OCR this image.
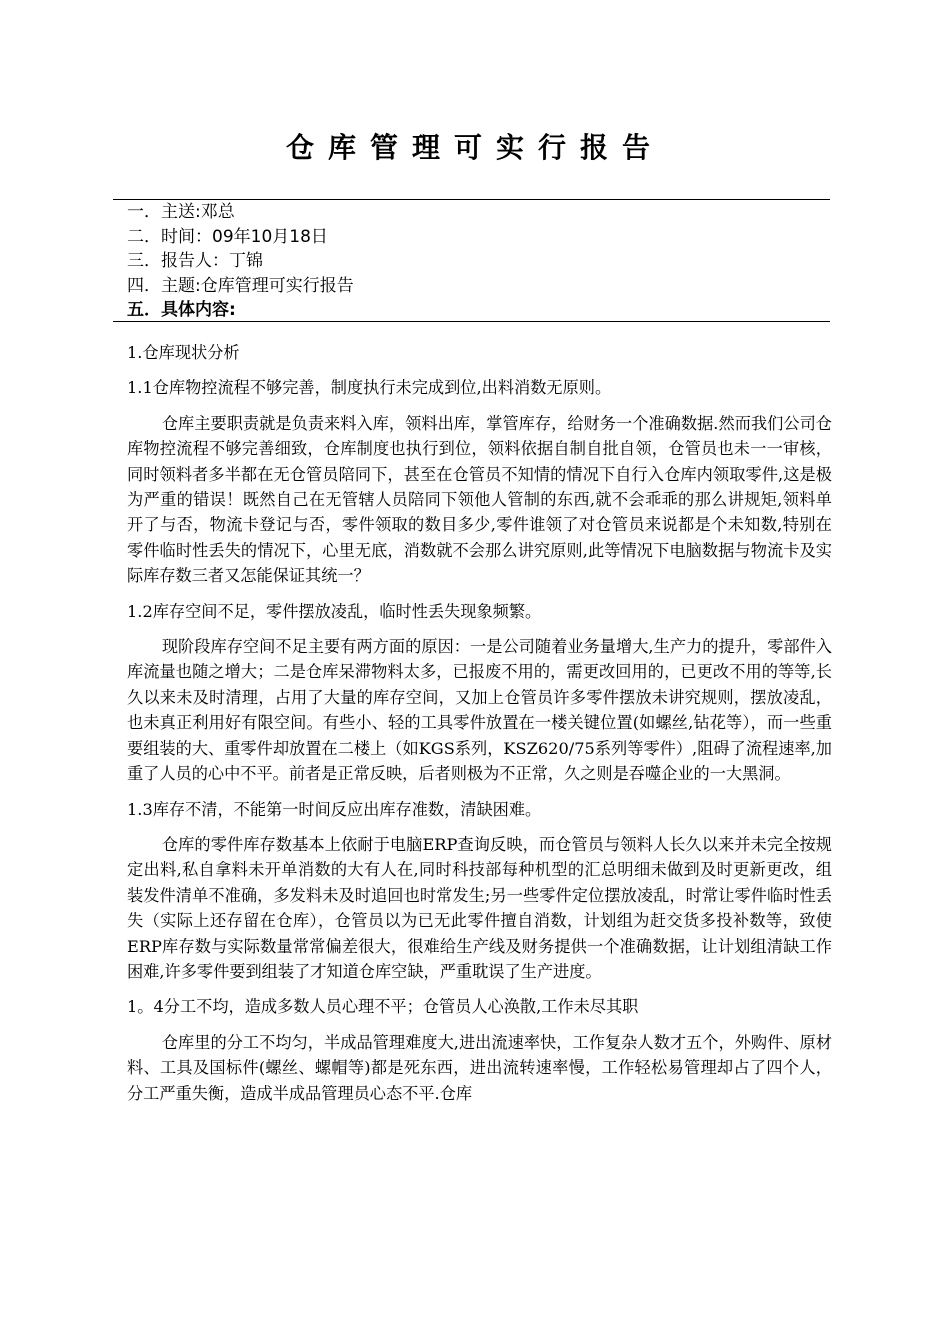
仓库管理可实行报告
一．主送:邓总
二．时间：09年10月18日
三．报告人：丁锦
四．主题:仓库管理可实行报告
五．具体内容:

1.仓库现状分析

1.1仓库物控流程不够完善，制度执行未完成到位,出料消数无原则。

仓库主要职责就是负责来料入库，领料出库，掌管库存，给财务一个准确数据.然而我们公司仓库物控流程不够完善细致，仓库制度也执行到位，领料依据自制自批自领，仓管员也未一一审核，同时领料者多半都在无仓管员陪同下，甚至在仓管员不知情的情况下自行入仓库内领取零件,这是极为严重的错误！既然自己在无管辖人员陪同下领他人管制的东西,就不会乖乖的那么讲规矩,领料单开了与否，物流卡登记与否，零件领取的数目多少,零件谁领了对仓管员来说都是个未知数,特别在零件临时性丢失的情况下，心里无底，消数就不会那么讲究原则,此等情况下电脑数据与物流卡及实际库存数三者又怎能保证其统一？

1.2库存空间不足，零件摆放凌乱，临时性丢失现象频繁。

现阶段库存空间不足主要有两方面的原因：一是公司随着业务量增大,生产力的提升，零部件入库流量也随之增大；二是仓库呆滞物料太多，已报废不用的，需更改回用的，已更改不用的等等,长久以来未及时清理，占用了大量的库存空间，又加上仓管员许多零件摆放未讲究规则，摆放凌乱，也未真正利用好有限空间。有些小、轻的工具零件放置在一楼关键位置(如螺丝,钻花等），而一些重要组装的大、重零件却放置在二楼上（如KGS系列，KSZ620/75系列等零件）,阻碍了流程速率,加重了人员的心中不平。前者是正常反映，后者则极为不正常，久之则是吞噬企业的一大黑洞。

1.3库存不清，不能第一时间反应出库存准数，清缺困难。

仓库的零件库存数基本上依耐于电脑ERP查询反映，而仓管员与领料人长久以来并未完全按规定出料,私自拿料未开单消数的大有人在,同时科技部每种机型的汇总明细未做到及时更新更改，组装发件清单不准确，多发料未及时追回也时常发生;另一些零件定位摆放凌乱，时常让零件临时性丢失（实际上还存留在仓库），仓管员以为已无此零件擅自消数，计划组为赶交货多投补数等，致使ERP库存数与实际数量常常偏差很大，很难给生产线及财务提供一个准确数据，让计划组清缺工作困难,许多零件要到组装了才知道仓库空缺，严重耽误了生产进度。

1。4分工不均，造成多数人员心理不平；仓管员人心涣散,工作未尽其职

仓库里的分工不均匀，半成品管理难度大,进出流速率快，工作复杂人数才五个，外购件、原材料、工具及国标件(螺丝、螺帽等)都是死东西，进出流转速率慢，工作轻松易管理却占了四个人，分工严重失衡，造成半成品管理员心态不平.仓库
